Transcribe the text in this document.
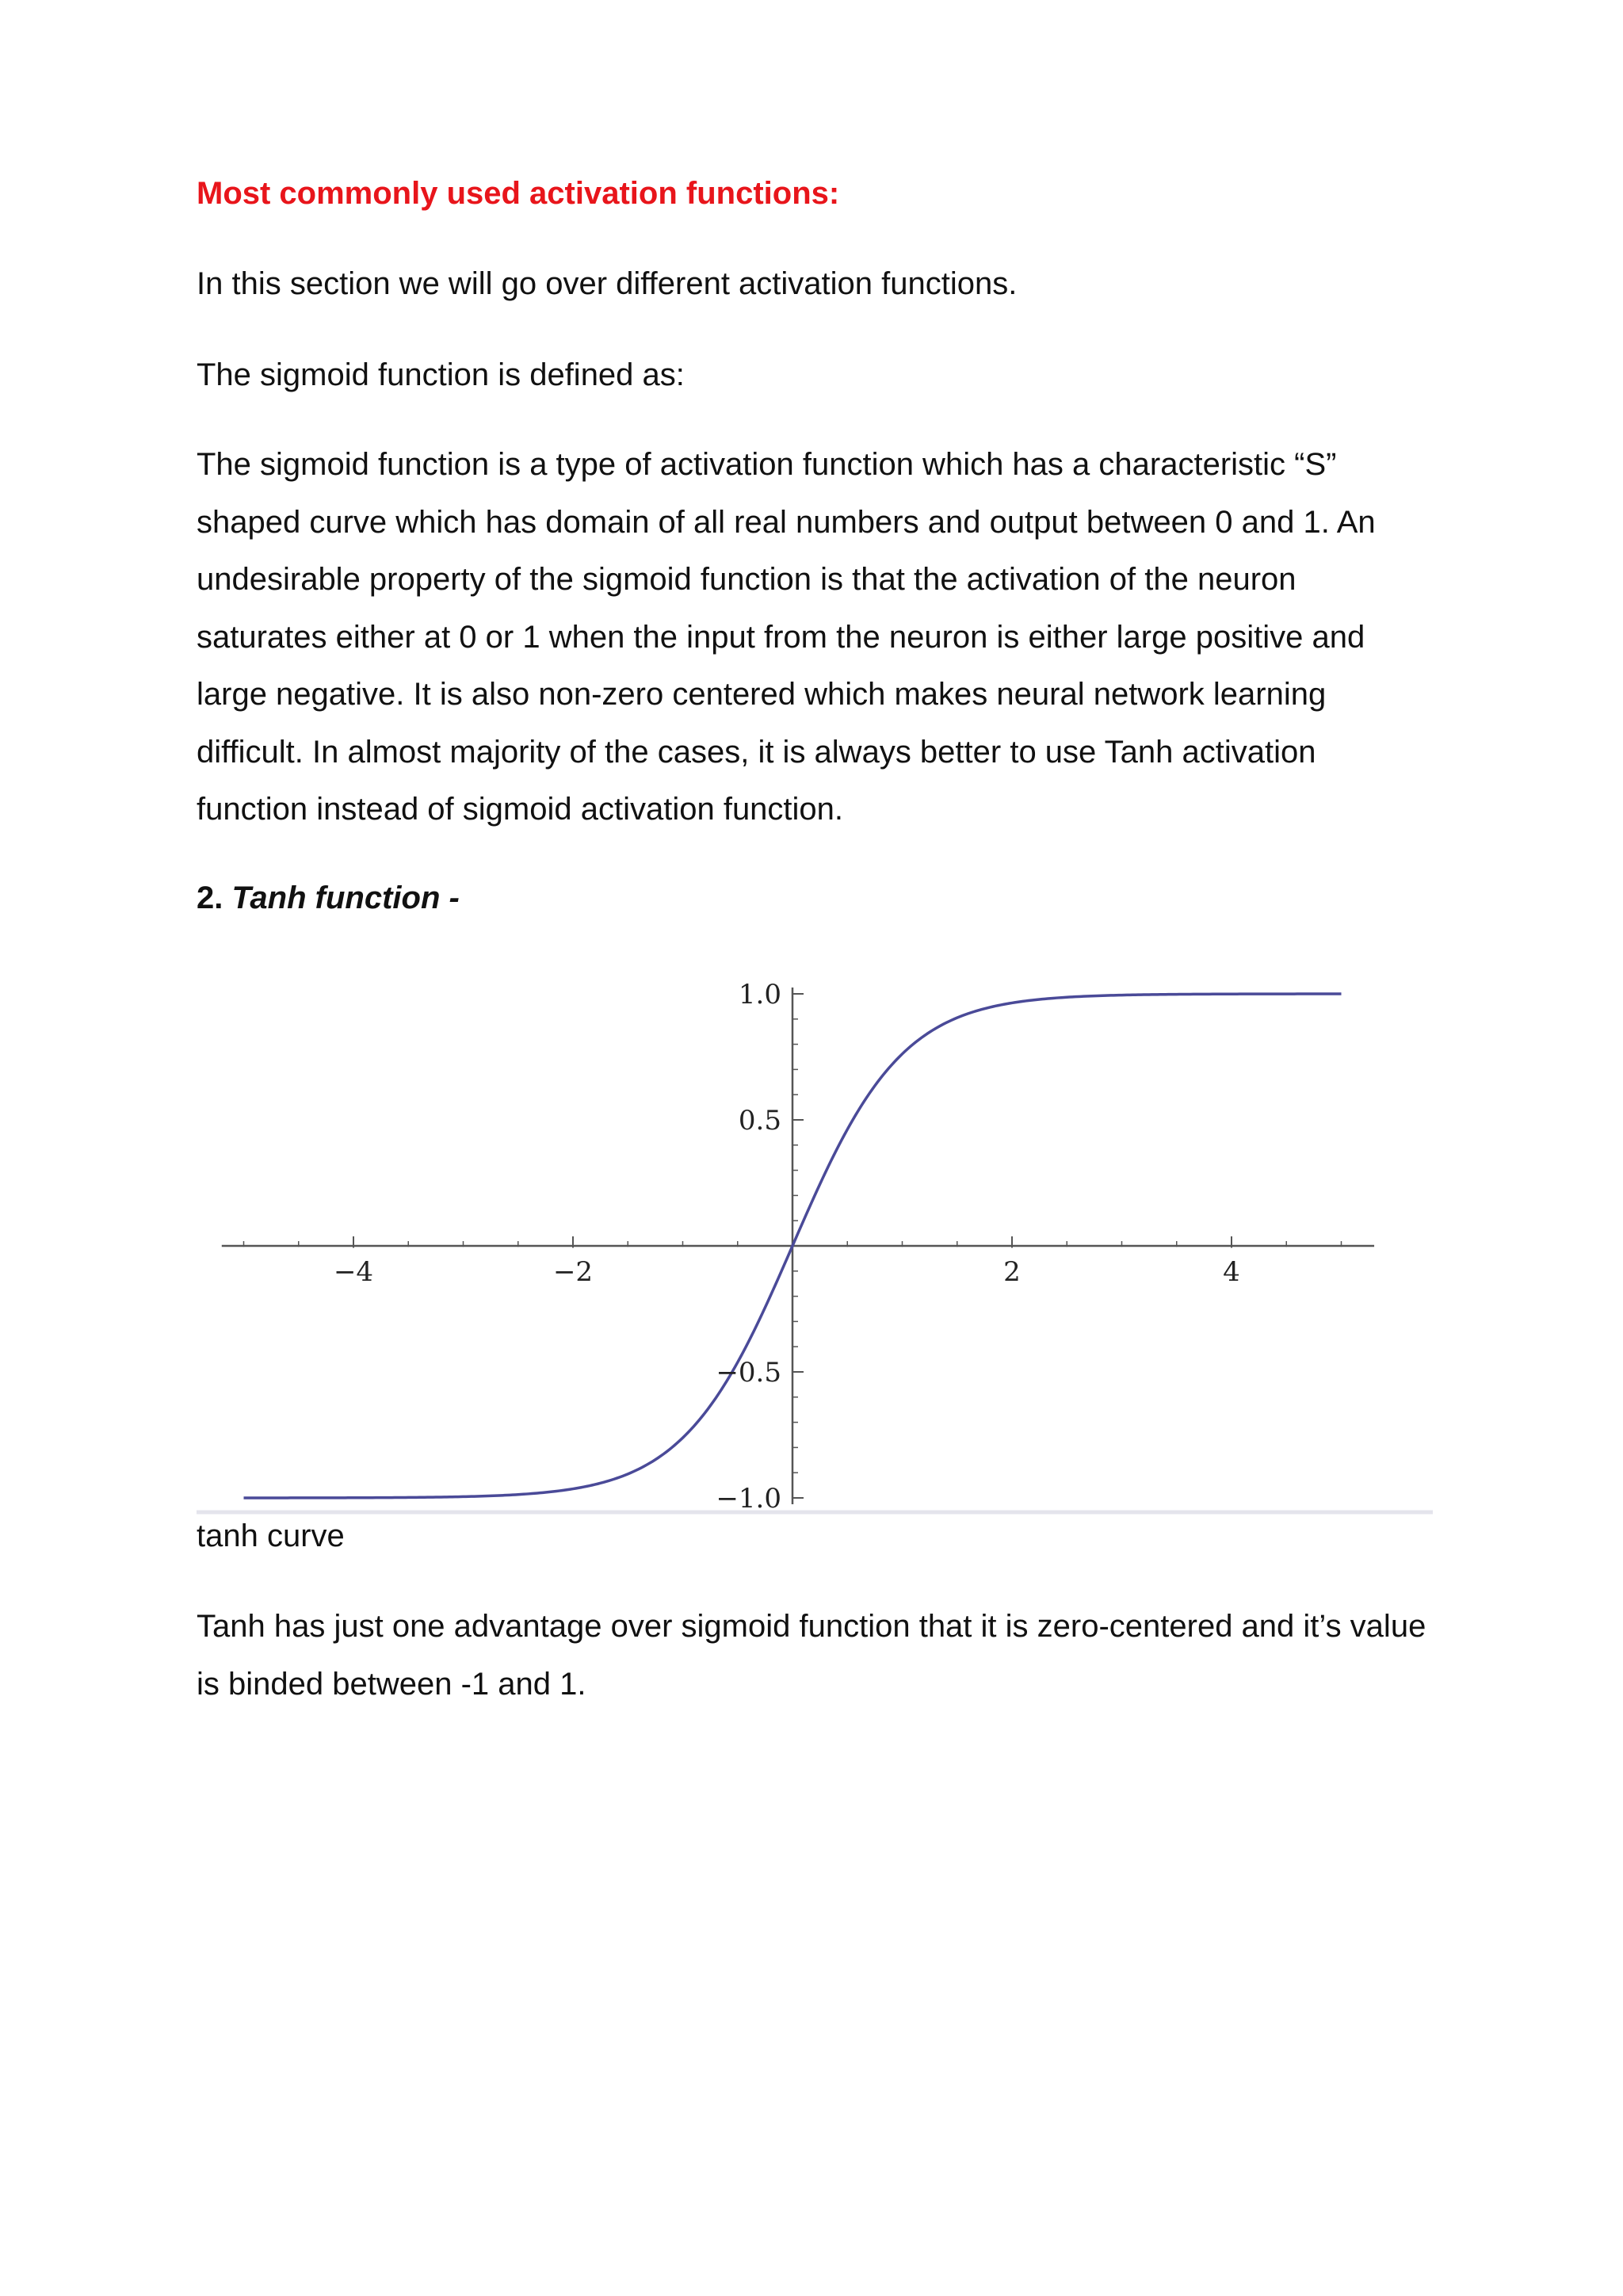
Most commonly used activation functions:

In this section we will go over different activation functions.

The sigmoid function is defined as:

The sigmoid function is a type of activation function which has a characteristic “S” shaped curve which has domain of all real numbers and output between 0 and 1. An undesirable property of the sigmoid function is that the activation of the neuron saturates either at 0 or 1 when the input from the neuron is either large positive and large negative. It is also non-zero centered which makes neural network learning difficult. In almost majority of the cases, it is always better to use Tanh activation function instead of sigmoid activation function.

2. Tanh function -
−4	−2	2	4
1.0
0.5
−0.5
−1.0
tanh curve

Tanh has just one advantage over sigmoid function that it is zero-centered and it’s value is binded between -1 and 1.
